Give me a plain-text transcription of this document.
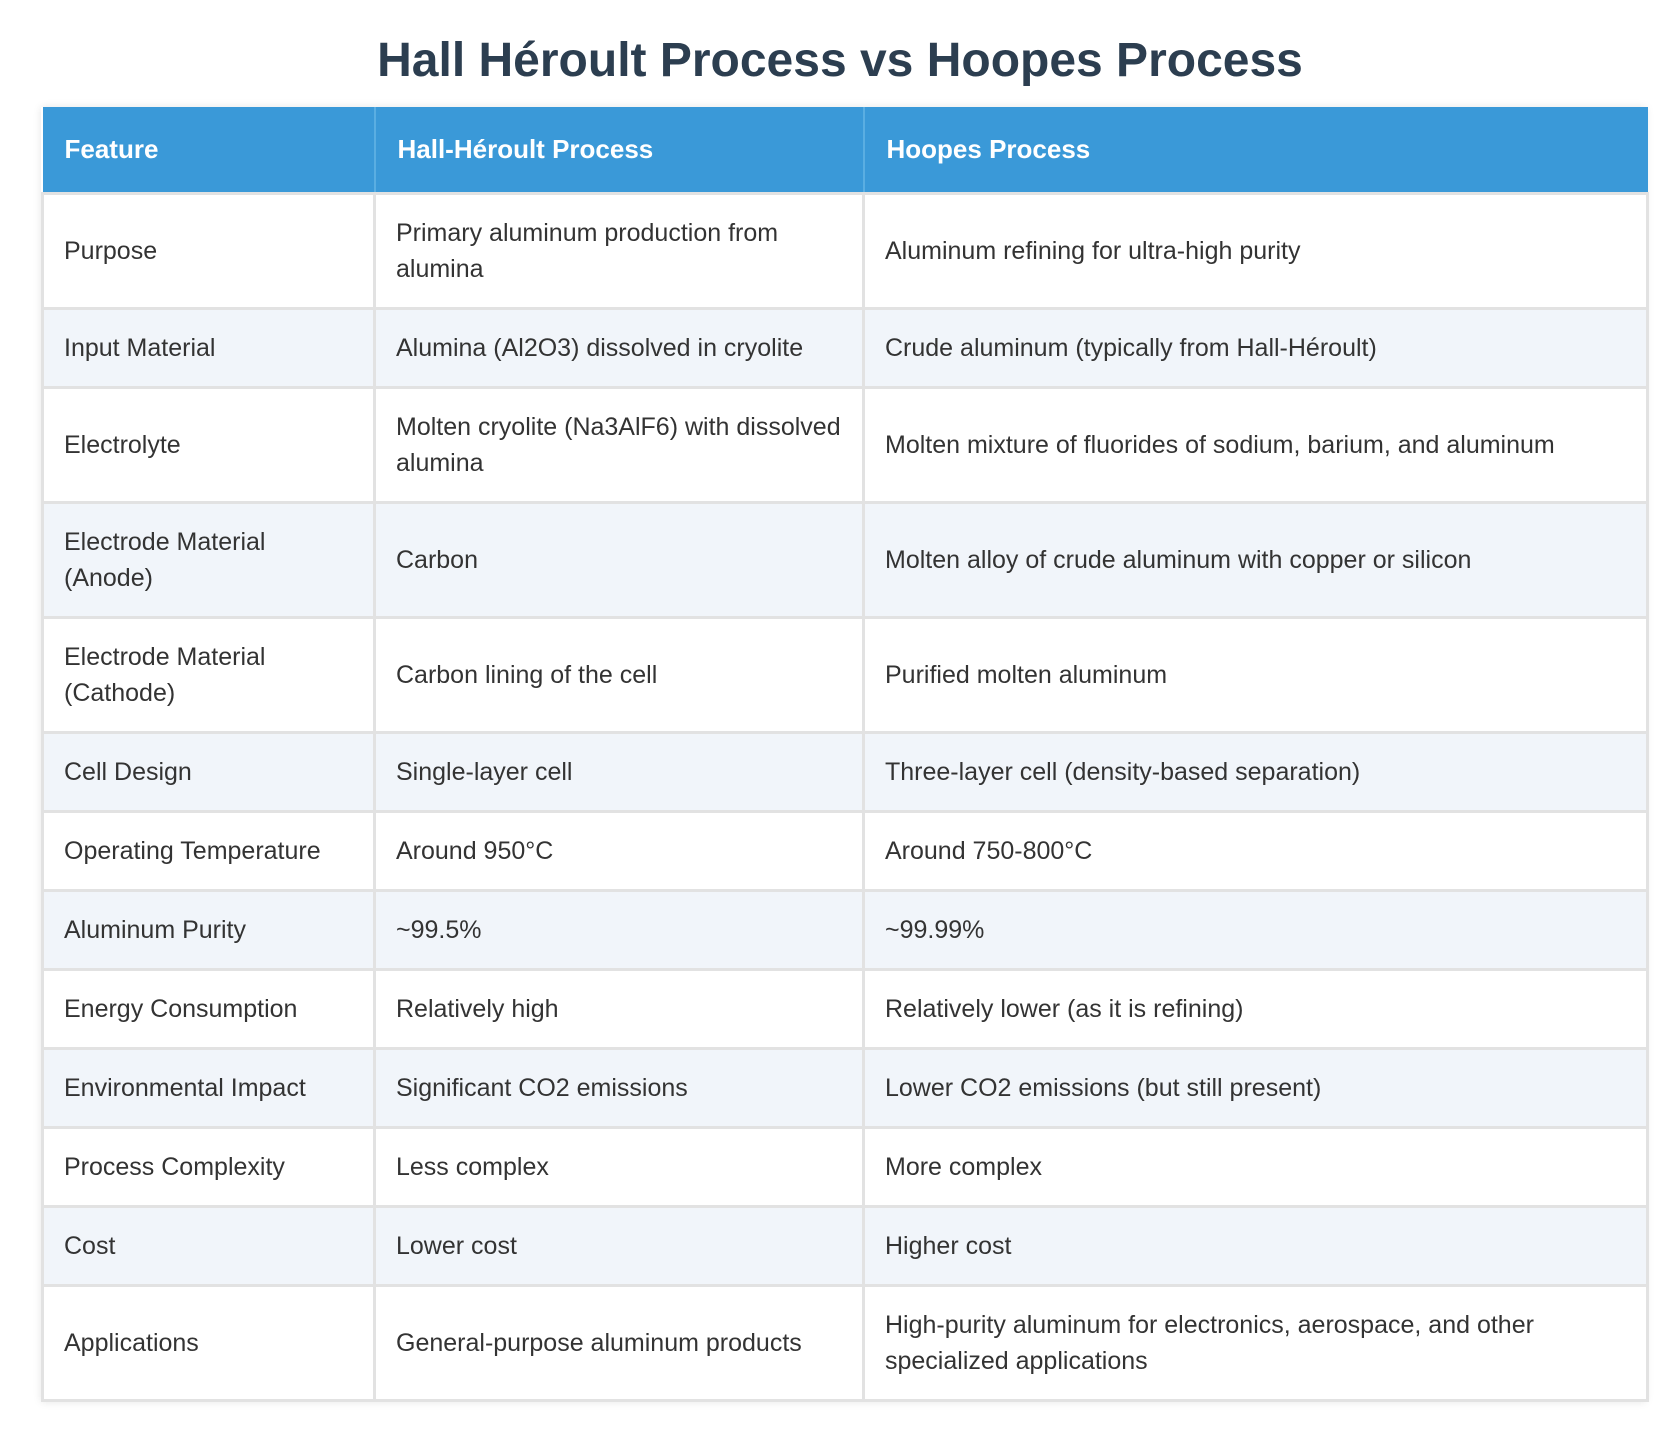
Hall Héroult Process vs Hoopes Process
Feature	Hall-Héroult Process	Hoopes Process
Purpose	Primary aluminum production from alumina	Aluminum refining for ultra-high purity
Input Material	Alumina (Al2O3) dissolved in cryolite	Crude aluminum (typically from Hall-Héroult)
Electrolyte	Molten cryolite (Na3AlF6) with dissolved alumina	Molten mixture of fluorides of sodium, barium, and aluminum
Electrode Material (Anode)	Carbon	Molten alloy of crude aluminum with copper or silicon
Electrode Material (Cathode)	Carbon lining of the cell	Purified molten aluminum
Cell Design	Single-layer cell	Three-layer cell (density-based separation)
Operating Temperature	Around 950°C	Around 750-800°C
Aluminum Purity	~99.5%	~99.99%
Energy Consumption	Relatively high	Relatively lower (as it is refining)
Environmental Impact	Significant CO2 emissions	Lower CO2 emissions (but still present)
Process Complexity	Less complex	More complex
Cost	Lower cost	Higher cost
Applications	General-purpose aluminum products	High-purity aluminum for electronics, aerospace, and other specialized applications
